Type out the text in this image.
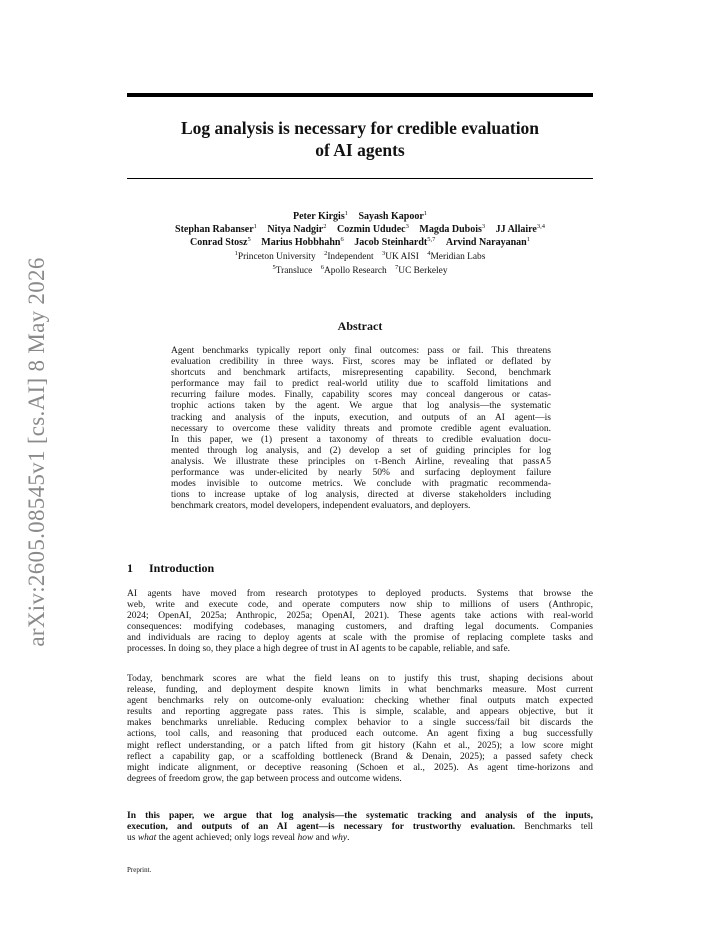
arXiv:2605.08545v1 [cs.AI] 8 May 2026
Log analysis is necessary for credible evaluation
of AI agents
Peter Kirgis$^1$ Sayash Kapoor$^1$
Stephan Rabanser$^1$ Nitya Nadgir$^2$ Cozmin Ududec$^3$ Magda Dubois$^3$ JJ Allaire$^{3,4}$
Conrad Stosz$^5$ Marius Hobbhahn$^6$ Jacob Steinhardt$^{5,7}$ Arvind Narayanan$^1$
$^1$Princeton University $^2$Independent $^3$UK AISI $^4$Meridian Labs
$^5$Transluce $^6$Apollo Research $^7$UC Berkeley
Abstract
Agent benchmarks typically report only final outcomes: pass or fail. This threatens
evaluation credibility in three ways. First, scores may be inflated or deflated by
shortcuts and benchmark artifacts, misrepresenting capability. Second, benchmark
performance may fail to predict real-world utility due to scaffold limitations and
recurring failure modes. Finally, capability scores may conceal dangerous or catas-
trophic actions taken by the agent. We argue that log analysis—the systematic
tracking and analysis of the inputs, execution, and outputs of an AI agent—is
necessary to overcome these validity threats and promote credible agent evaluation.
In this paper, we (1) present a taxonomy of threats to credible evaluation docu-
mented through log analysis, and (2) develop a set of guiding principles for log
analysis. We illustrate these principles on τ-Bench Airline, revealing that pass∧5
performance was under-elicited by nearly 50% and surfacing deployment failure
modes invisible to outcome metrics. We conclude with pragmatic recommenda-
tions to increase uptake of log analysis, directed at diverse stakeholders including
benchmark creators, model developers, independent evaluators, and deployers.
1 Introduction
AI agents have moved from research prototypes to deployed products. Systems that browse the
web, write and execute code, and operate computers now ship to millions of users (Anthropic,
2024; OpenAI, 2025a; Anthropic, 2025a; OpenAI, 2021). These agents take actions with real-world
consequences: modifying codebases, managing customers, and drafting legal documents. Companies
and individuals are racing to deploy agents at scale with the promise of replacing complete tasks and
processes. In doing so, they place a high degree of trust in AI agents to be capable, reliable, and safe.
Today, benchmark scores are what the field leans on to justify this trust, shaping decisions about
release, funding, and deployment despite known limits in what benchmarks measure. Most current
agent benchmarks rely on outcome-only evaluation: checking whether final outputs match expected
results and reporting aggregate pass rates. This is simple, scalable, and appears objective, but it
makes benchmarks unreliable. Reducing complex behavior to a single success/fail bit discards the
actions, tool calls, and reasoning that produced each outcome. An agent fixing a bug successfully
might reflect understanding, or a patch lifted from git history (Kahn et al., 2025); a low score might
reflect a capability gap, or a scaffolding bottleneck (Brand & Denain, 2025); a passed safety check
might indicate alignment, or deceptive reasoning (Schoen et al., 2025). As agent time-horizons and
degrees of freedom grow, the gap between process and outcome widens.
In this paper, we argue that log analysis—the systematic tracking and analysis of the inputs,
execution, and outputs of an AI agent—is necessary for trustworthy evaluation. Benchmarks tell
us what the agent achieved; only logs reveal how and why.
Preprint.
